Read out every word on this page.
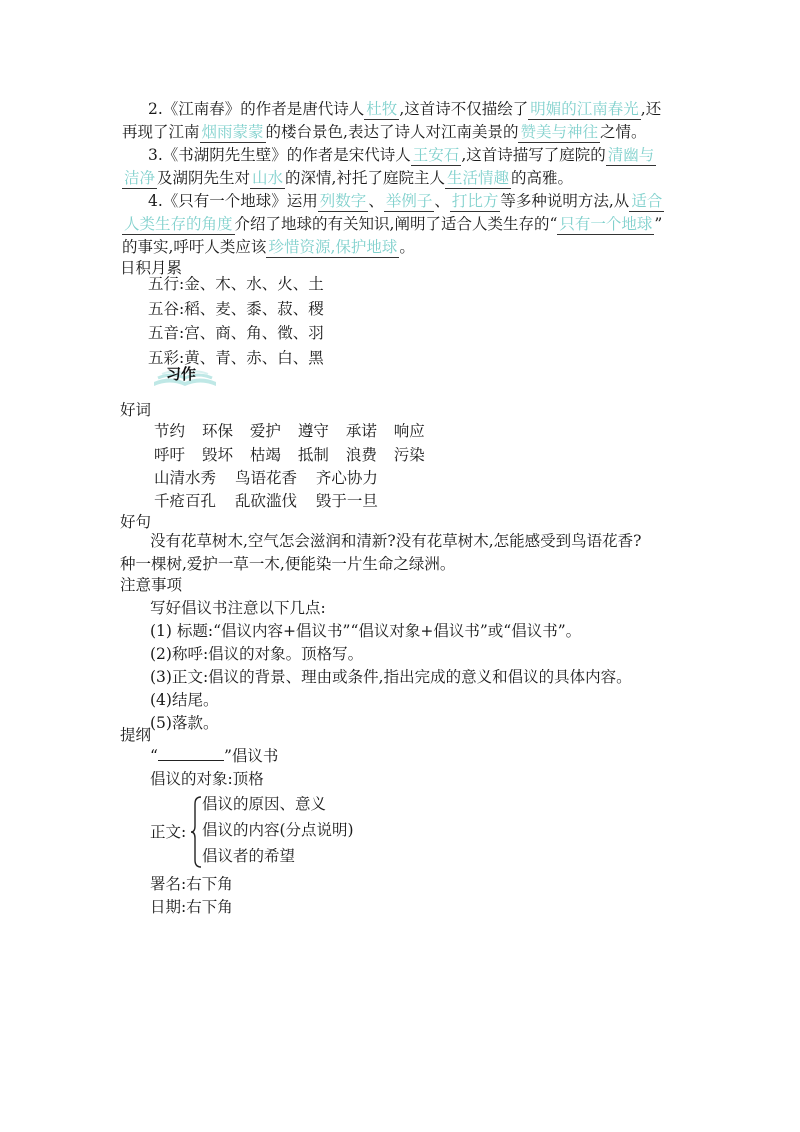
2.《江南春》的作者是唐代诗人 杜牧 ,这首诗不仅描绘了 明媚的江南春光 ,还
再现了江南 烟雨蒙蒙 的楼台景色,表达了诗人对江南美景的 赞美与神往 之情。
3.《书湖阴先生壁》的作者是宋代诗人 王安石 ,这首诗描写了庭院的 清幽与
洁净 及湖阴先生对 山水 的深情,衬托了庭院主人 生活情趣 的高雅。
4.《只有一个地球》运用 列数字 、 举例子 、 打比方 等多种说明方法,从 适合
人类生存的角度 介绍了地球的有关知识,阐明了适合人类生存的“ 只有一个地球 ”
的事实,呼吁人类应该 珍惜资源,保护地球 。
日积月累
五行:金、木、水、火、土
五谷:稻、麦、黍、菽、稷
五音:宫、商、角、徵、羽
五彩:黄、青、赤、白、黑
习作
好词
节约 环保 爱护 遵守 承诺 响应
呼吁 毁坏 枯竭 抵制 浪费 污染
山清水秀 鸟语花香 齐心协力
千疮百孔 乱砍滥伐 毁于一旦
好句
没有花草树木,空气怎会滋润和清新?没有花草树木,怎能感受到鸟语花香?
种一棵树,爱护一草一木,便能染一片生命之绿洲。
注意事项
写好倡议书注意以下几点:
(1) 标题:“倡议内容+倡议书”“倡议对象+倡议书”或“倡议书”。
(2)称呼:倡议的对象。顶格写。
(3)正文:倡议的背景、理由或条件,指出完成的意义和倡议的具体内容。
(4)结尾。
(5)落款。
提纲
“	”倡议书
倡议的对象:顶格
正文:
倡议的原因、意义
倡议的内容(分点说明)
倡议者的希望
署名:右下角
日期:右下角
